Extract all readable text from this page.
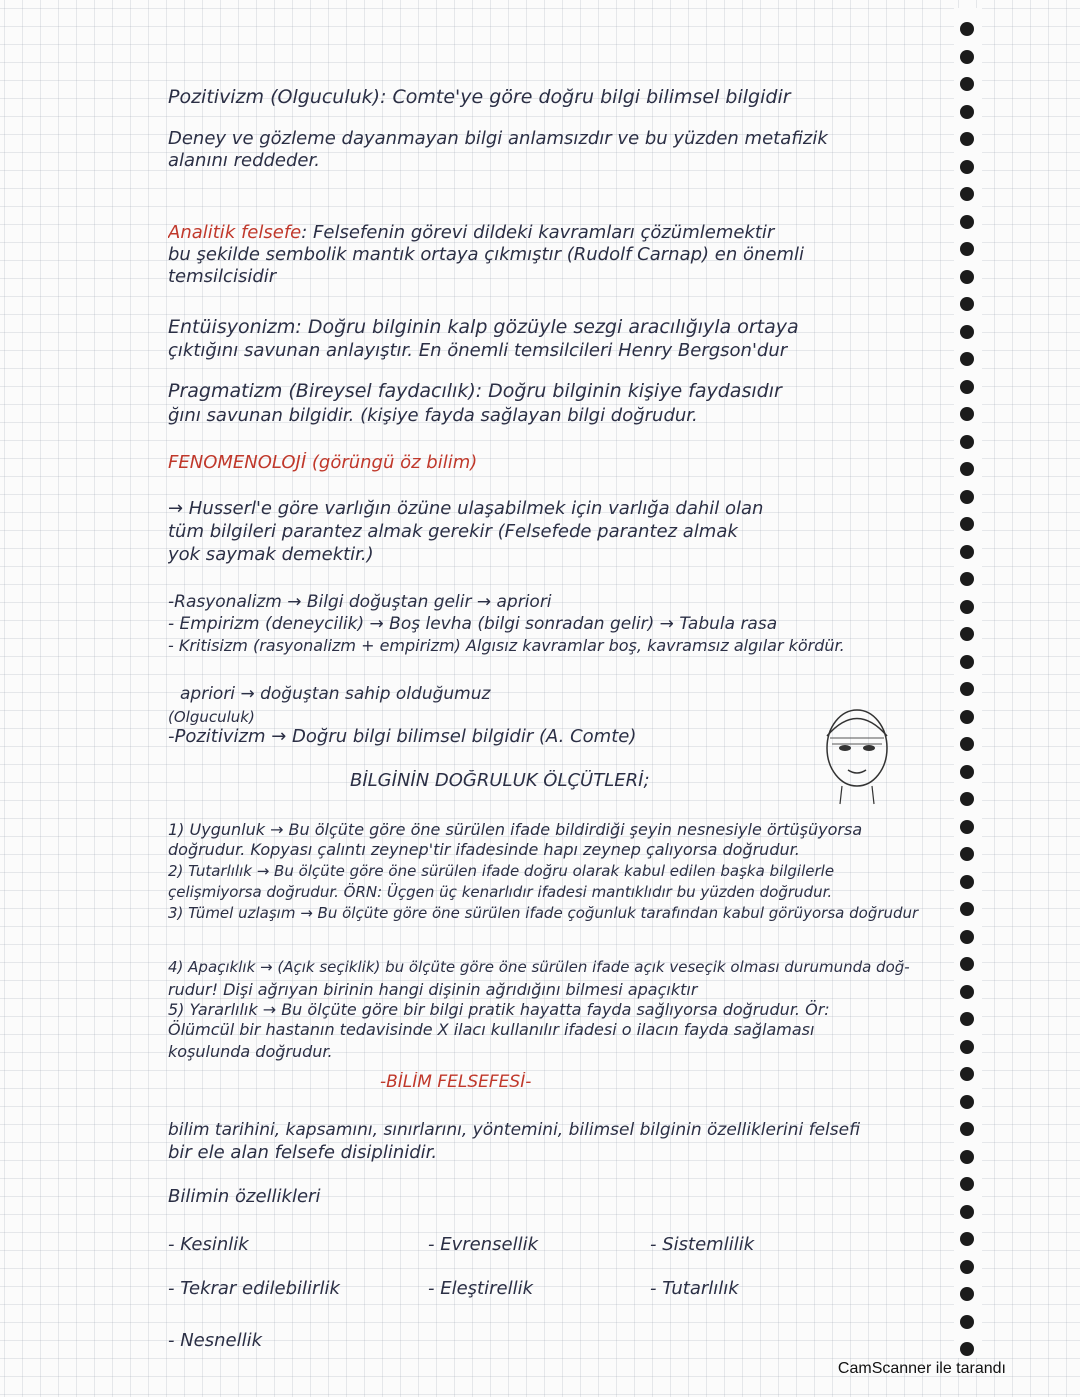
Pozitivizm (Olguculuk): Comte'ye göre doğru bilgi bilimsel bilgidir
Deney ve gözleme dayanmayan bilgi anlamsızdır ve bu yüzden metafizik
alanını reddeder.
Analitik felsefe: Felsefenin görevi dildeki kavramları çözümlemektir
bu şekilde sembolik mantık ortaya çıkmıştır (Rudolf Carnap) en önemli
temsilcisidir
Entüisyonizm: Doğru bilginin kalp gözüyle sezgi aracılığıyla ortaya
çıktığını savunan anlayıştır. En önemli temsilcileri Henry Bergson'dur
Pragmatizm (Bireysel faydacılık): Doğru bilginin kişiye faydasıdır
ğını savunan bilgidir. (kişiye fayda sağlayan bilgi doğrudur.
FENOMENOLOJİ (görüngü öz bilim)
→ Husserl'e göre varlığın özüne ulaşabilmek için varlığa dahil olan
tüm bilgileri parantez almak gerekir (Felsefede parantez almak
yok saymak demektir.)
-Rasyonalizm → Bilgi doğuştan gelir → apriori
- Empirizm (deneycilik) → Boş levha (bilgi sonradan gelir) → Tabula rasa
- Kritisizm (rasyonalizm + empirizm) Algısız kavramlar boş, kavramsız algılar kördür.
apriori → doğuştan sahip olduğumuz
(Olguculuk)
-Pozitivizm → Doğru bilgi bilimsel bilgidir (A. Comte)
BİLGİNİN DOĞRULUK ÖLÇÜTLERİ;
1) Uygunluk → Bu ölçüte göre öne sürülen ifade bildirdiği şeyin nesnesiyle örtüşüyorsa
doğrudur. Kopyası çalıntı zeynep'tir ifadesinde hapı zeynep çalıyorsa doğrudur.
2) Tutarlılık → Bu ölçüte göre öne sürülen ifade doğru olarak kabul edilen başka bilgilerle
çelişmiyorsa doğrudur. ÖRN: Üçgen üç kenarlıdır ifadesi mantıklıdır bu yüzden doğrudur.
3) Tümel uzlaşım → Bu ölçüte göre öne sürülen ifade çoğunluk tarafından kabul görüyorsa doğrudur
4) Apaçıklık → (Açık seçiklik) bu ölçüte göre öne sürülen ifade açık veseçik olması durumunda doğ-
rudur! Dişi ağrıyan birinin hangi dişinin ağrıdığını bilmesi apaçıktır
5) Yararlılık → Bu ölçüte göre bir bilgi pratik hayatta fayda sağlıyorsa doğrudur. Ör:
Ölümcül bir hastanın tedavisinde X ilacı kullanılır ifadesi o ilacın fayda sağlaması
koşulunda doğrudur.
-BİLİM FELSEFESİ-
bilim tarihini, kapsamını, sınırlarını, yöntemini, bilimsel bilginin özelliklerini felsefi
bir ele alan felsefe disiplinidir.
Bilimin özellikleri
- Kesinlik	- Evrensellik	- Sistemlilik
- Tekrar edilebilirlik	- Eleştirellik	- Tutarlılık
- Nesnellik
CamScanner ile tarandı
